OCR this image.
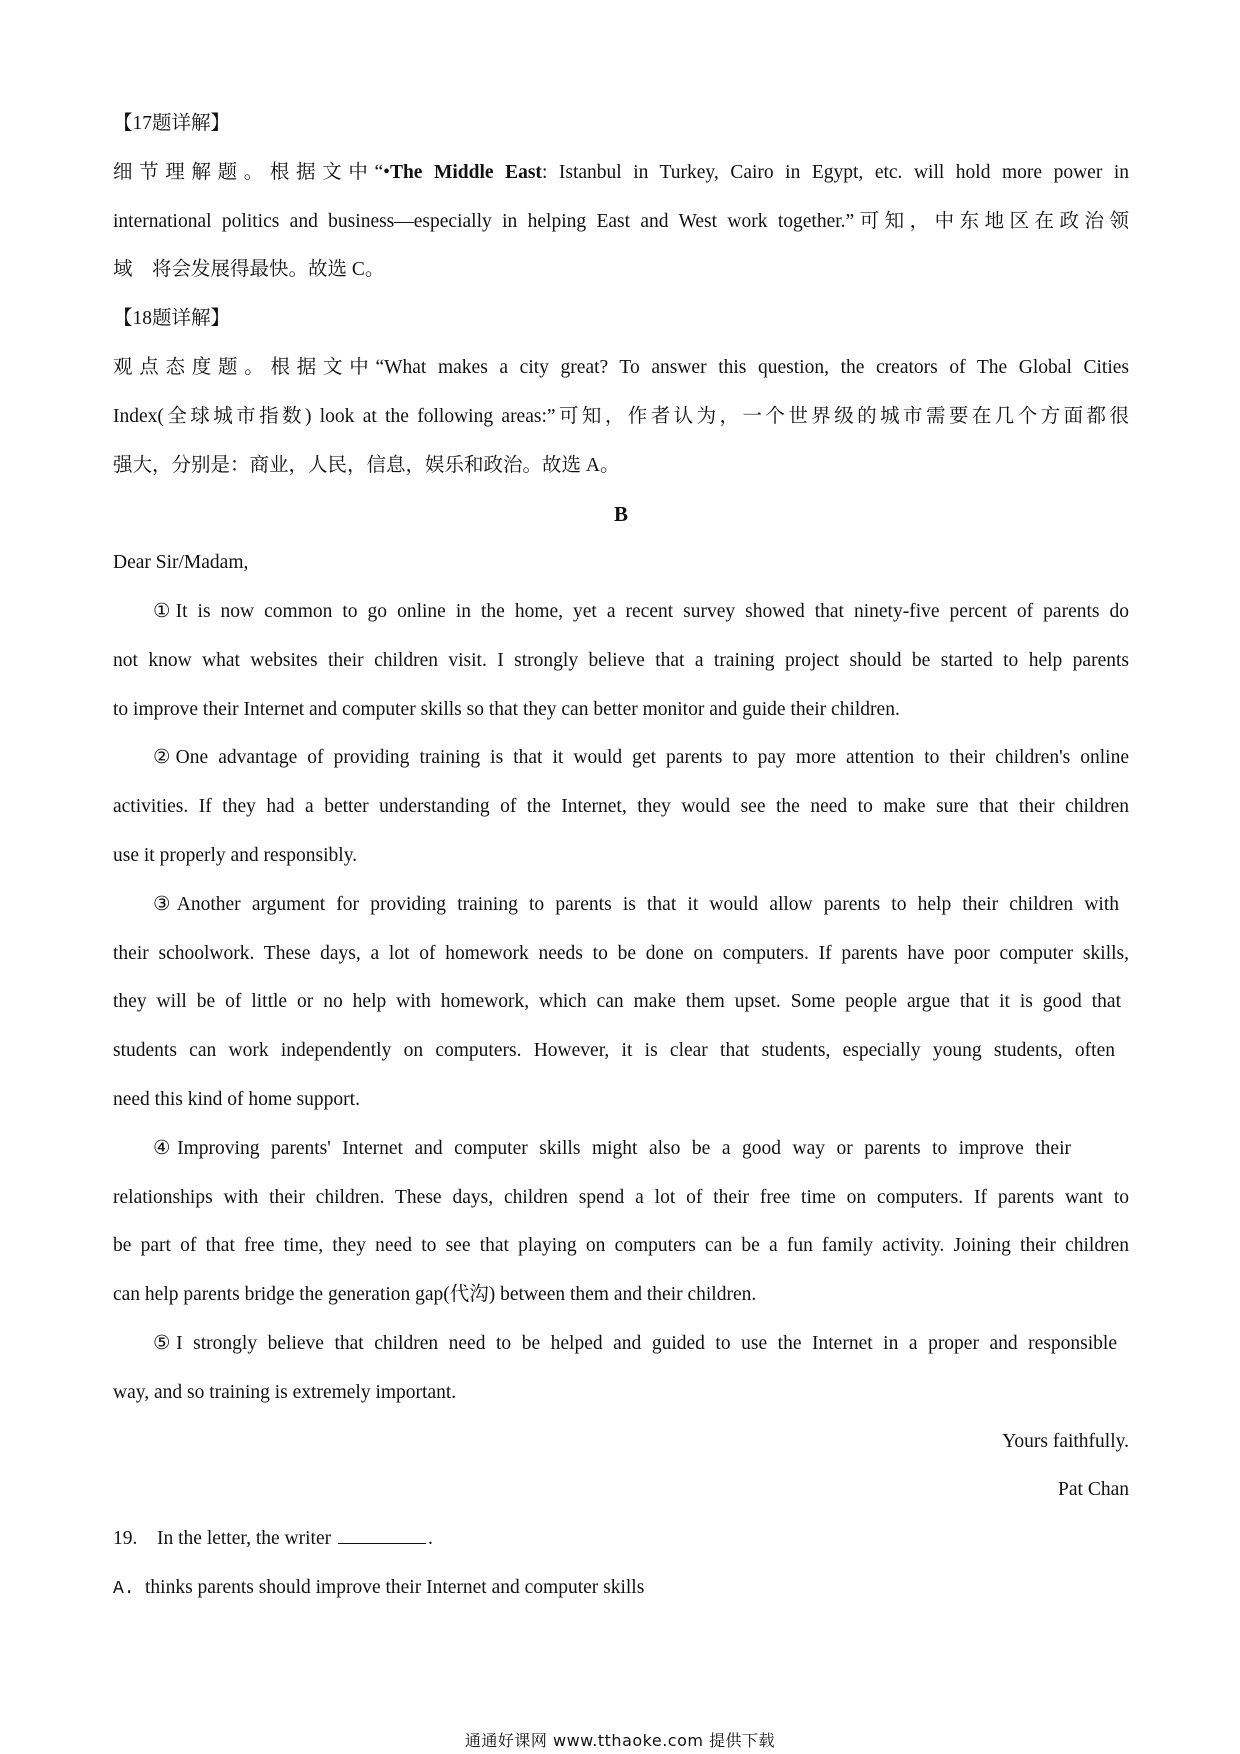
【17题详解】
细节理解题。根据文中“•The Middle East: Istanbul in Turkey, Cairo in Egypt, etc. will hold more power in
international politics and business—especially in helping East and West work together.”可知，中东地区在政治领
域　将会发展得最快。故选 C。
【18题详解】
观点态度题。根据文中“What makes a city great? To answer this question, the creators of The Global Cities
Index(全球城市指数) look at the following areas:”可知，作者认为，一个世界级的城市需要在几个方面都很
强大，分别是：商业，人民，信息，娱乐和政治。故选 A。
B
Dear Sir/Madam,
①It is now common to go online in the home, yet a recent survey showed that ninety-five percent of parents do
not know what websites their children visit. I strongly believe that a training project should be started to help parents
to improve their Internet and computer skills so that they can better monitor and guide their children.
②One advantage of providing training is that it would get parents to pay more attention to their children's online
activities. If they had a better understanding of the Internet, they would see the need to make sure that their children
use it properly and responsibly.
③Another argument for providing training to parents is that it would allow parents to help their children with
their schoolwork. These days, a lot of homework needs to be done on computers. If parents have poor computer skills,
they will be of little or no help with homework, which can make them upset. Some people argue that it is good that
students can work independently on computers. However, it is clear that students, especially young students, often
need this kind of home support.
④Improving parents' Internet and computer skills might also be a good way or parents to improve their
relationships with their children. These days, children spend a lot of their free time on computers. If parents want to
be part of that free time, they need to see that playing on computers can be a fun family activity. Joining their children
can help parents bridge the generation gap(代沟) between them and their children.
⑤I strongly believe that children need to be helped and guided to use the Internet in a proper and responsible
way, and so training is extremely important.
Yours faithfully.
Pat Chan
19. In the letter, the writer	.
A. thinks parents should improve their Internet and computer skills
通通好课网 www.tthaoke.com 提供下载
